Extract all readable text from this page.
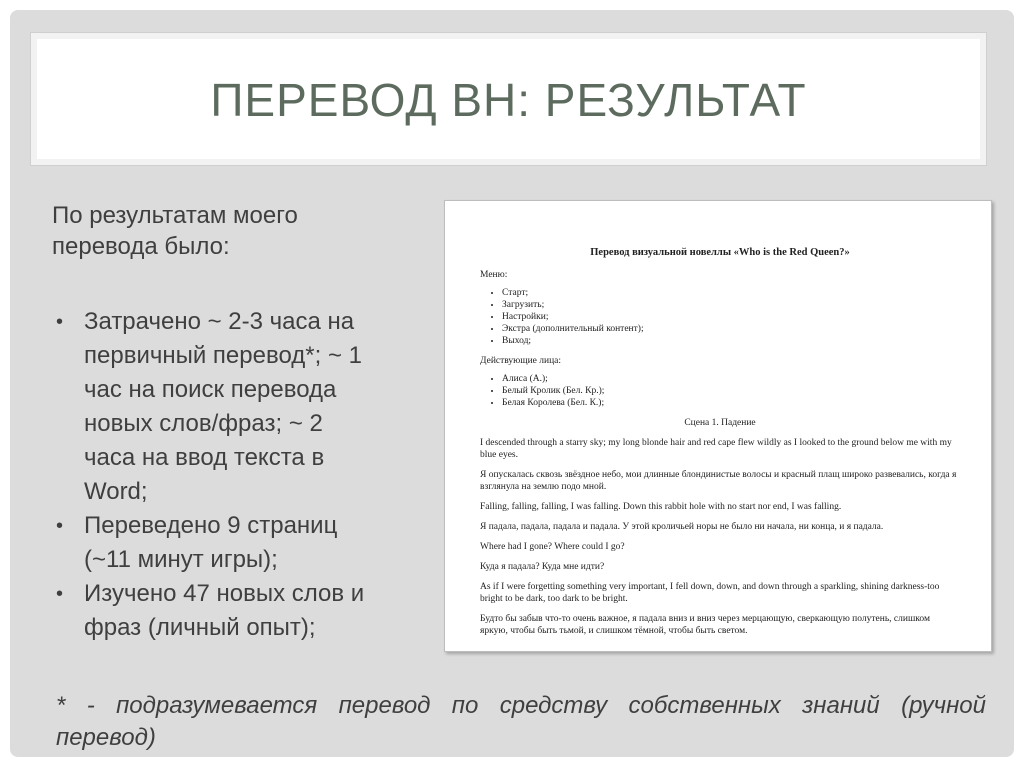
ПЕРЕВОД ВН: РЕЗУЛЬТАТ
По результатам моего
перевода было:
• Затрачено ~ 2-3 часа на
первичный перевод*; ~ 1
час на поиск перевода
новых слов/фраз; ~ 2
часа на ввод текста в
Word;
• Переведено 9 страниц
(~11 минут игры);
• Изучено 47 новых слов и
фраз (личный опыт);
Перевод визуальной новеллы «Who is the Red Queen?»
Меню:
• Старт;
• Загрузить;
• Настройки;
• Экстра (дополнительный контент);
• Выход;
Действующие лица:
• Алиса (А.);
• Белый Кролик (Бел. Кр.);
• Белая Королева (Бел. К.);
Сцена 1. Падение

I descended through a starry sky; my long blonde hair and red cape flew wildly as I looked to the ground below me with my blue eyes.

Я опускалась сквозь звёздное небо, мои длинные блондинистые волосы и красный плащ широко развевались, когда я взглянула на землю подо мной.

Falling, falling, falling, I was falling. Down this rabbit hole with no start nor end, I was falling.

Я падала, падала, падала и падала. У этой кроличьей норы не было ни начала, ни конца, и я падала.

Where had I gone? Where could I go?

Куда я падала? Куда мне идти?

As if I were forgetting something very important, I fell down, down, and down through a sparkling, shining darkness-too bright to be dark, too dark to be bright.

Будто бы забыв что-то очень важное, я падала вниз и вниз через мерцающую, сверкающую полутень, слишком яркую, чтобы быть тьмой, и слишком тёмной, чтобы быть светом.

* - подразумевается перевод по средству собственных знаний (ручной
перевод)
